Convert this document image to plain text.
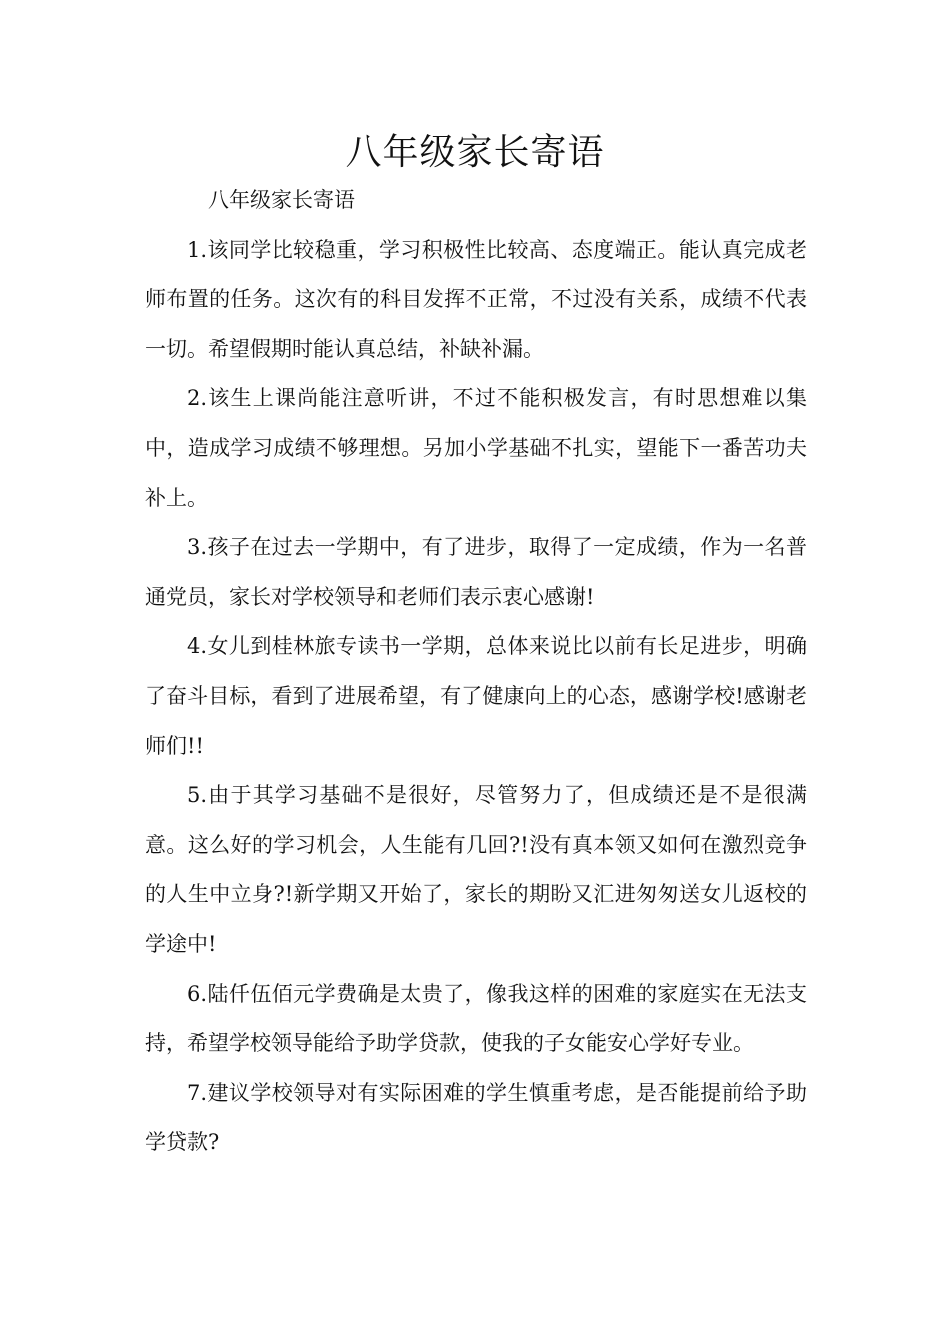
八年级家长寄语

八年级家长寄语

1.该同学比较稳重，学习积极性比较高、态度端正。能认真完成老师布置的任务。这次有的科目发挥不正常，不过没有关系，成绩不代表一切。希望假期时能认真总结，补缺补漏。

2.该生上课尚能注意听讲，不过不能积极发言，有时思想难以集中，造成学习成绩不够理想。另加小学基础不扎实，望能下一番苦功夫补上。

3.孩子在过去一学期中，有了进步，取得了一定成绩，作为一名普通党员，家长对学校领导和老师们表示衷心感谢!

4.女儿到桂林旅专读书一学期，总体来说比以前有长足进步，明确了奋斗目标，看到了进展希望，有了健康向上的心态，感谢学校!感谢老师们!!

5.由于其学习基础不是很好，尽管努力了，但成绩还是不是很满意。这么好的学习机会，人生能有几回?!没有真本领又如何在激烈竞争的人生中立身?!新学期又开始了，家长的期盼又汇进匆匆送女儿返校的学途中!

6.陆仟伍佰元学费确是太贵了，像我这样的困难的家庭实在无法支持，希望学校领导能给予助学贷款，使我的子女能安心学好专业。

7.建议学校领导对有实际困难的学生慎重考虑，是否能提前给予助学贷款?
